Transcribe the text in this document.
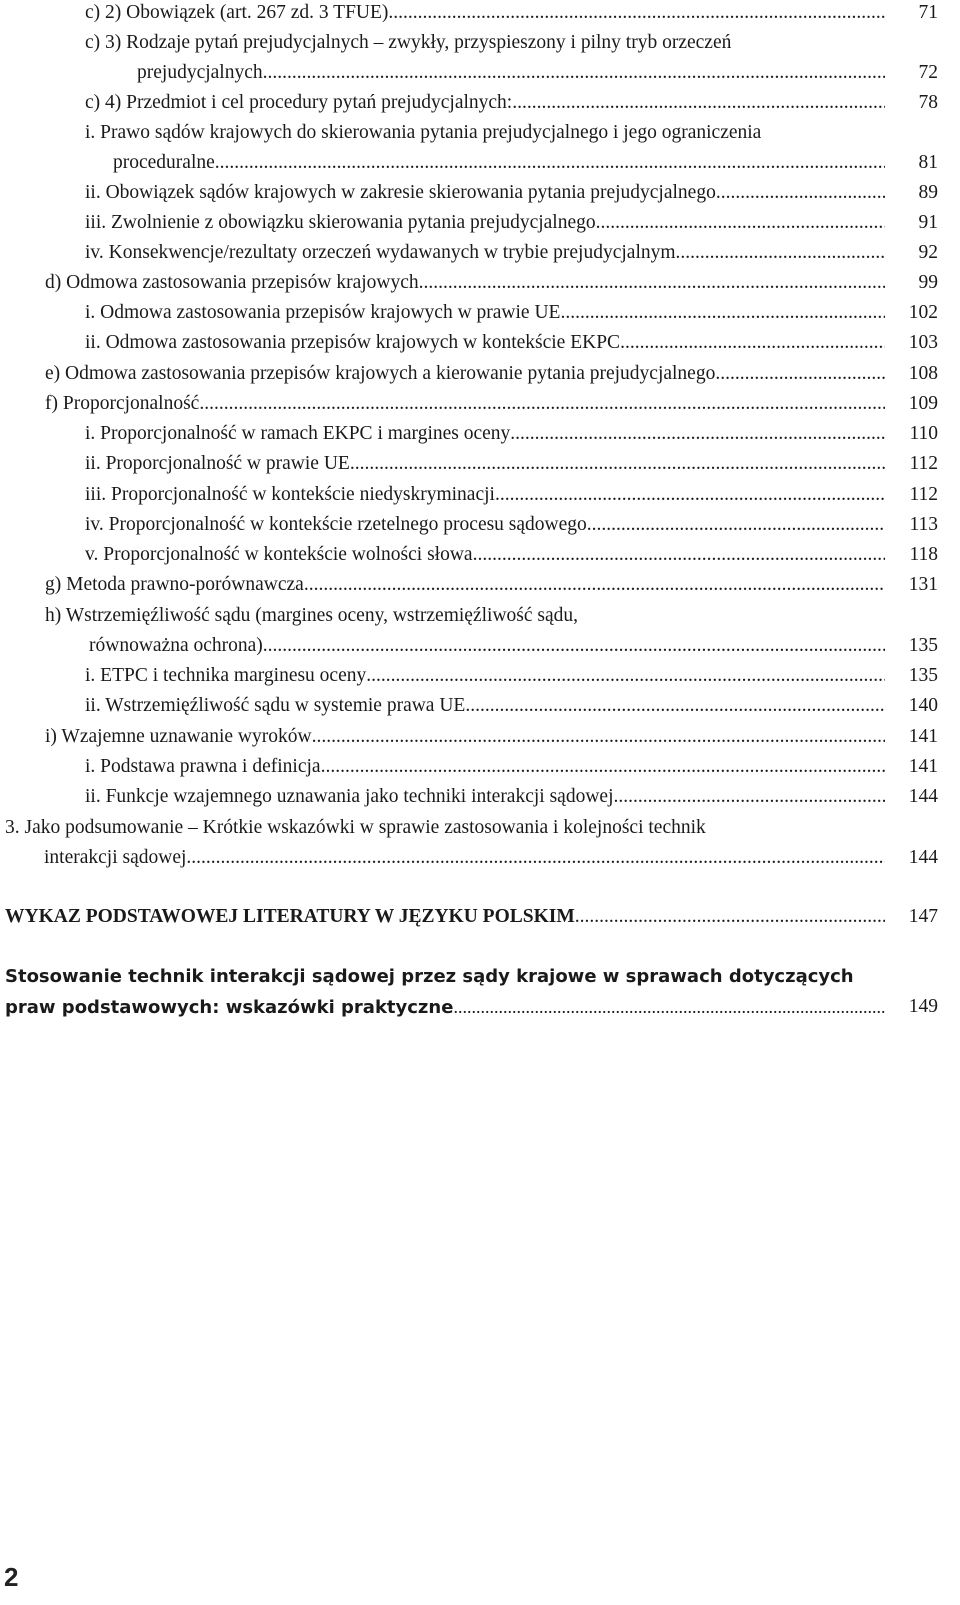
c) 2) Obowiązek (art. 267 zd. 3 TFUE) .....	71
c) 3) Rodzaje pytań prejudycjalnych – zwykły, przyspieszony i pilny tryb orzeczeń
prejudycjalnych .....	72
c) 4) Przedmiot i cel procedury pytań prejudycjalnych: .....	78
i. Prawo sądów krajowych do skierowania pytania prejudycjalnego i jego ograniczenia
proceduralne .....	81
ii. Obowiązek sądów krajowych w zakresie skierowania pytania prejudycjalnego .....	89
iii. Zwolnienie z obowiązku skierowania pytania prejudycjalnego .....	91
iv. Konsekwencje/rezultaty orzeczeń wydawanych w trybie prejudycjalnym .....	92
d) Odmowa zastosowania przepisów krajowych .....	99
i. Odmowa zastosowania przepisów krajowych w prawie UE .....	102
ii. Odmowa zastosowania przepisów krajowych w kontekście EKPC .....	103
e) Odmowa zastosowania przepisów krajowych a kierowanie pytania prejudycjalnego .....	108
f) Proporcjonalność .....	109
i. Proporcjonalność w ramach EKPC i margines oceny .....	110
ii. Proporcjonalność w prawie UE .....	112
iii. Proporcjonalność w kontekście niedyskryminacji .....	112
iv. Proporcjonalność w kontekście rzetelnego procesu sądowego .....	113
v. Proporcjonalność w kontekście wolności słowa .....	118
g) Metoda prawno-porównawcza .....	131
h) Wstrzemięźliwość sądu (margines oceny, wstrzemięźliwość sądu,
równoważna ochrona) .....	135
i. ETPC i technika marginesu oceny .....	135
ii. Wstrzemięźliwość sądu w systemie prawa UE .....	140
i) Wzajemne uznawanie wyroków .....	141
i. Podstawa prawna i definicja .....	141
ii. Funkcje wzajemnego uznawania jako techniki interakcji sądowej .....	144
3. Jako podsumowanie – Krótkie wskazówki w sprawie zastosowania i kolejności technik
interakcji sądowej .....	144
WYKAZ PODSTAWOWEJ LITERATURY W JĘZYKU POLSKIM .....	147
Stosowanie technik interakcji sądowej przez sądy krajowe w sprawach dotyczących
praw podstawowych: wskazówki praktyczne .....	149
2
